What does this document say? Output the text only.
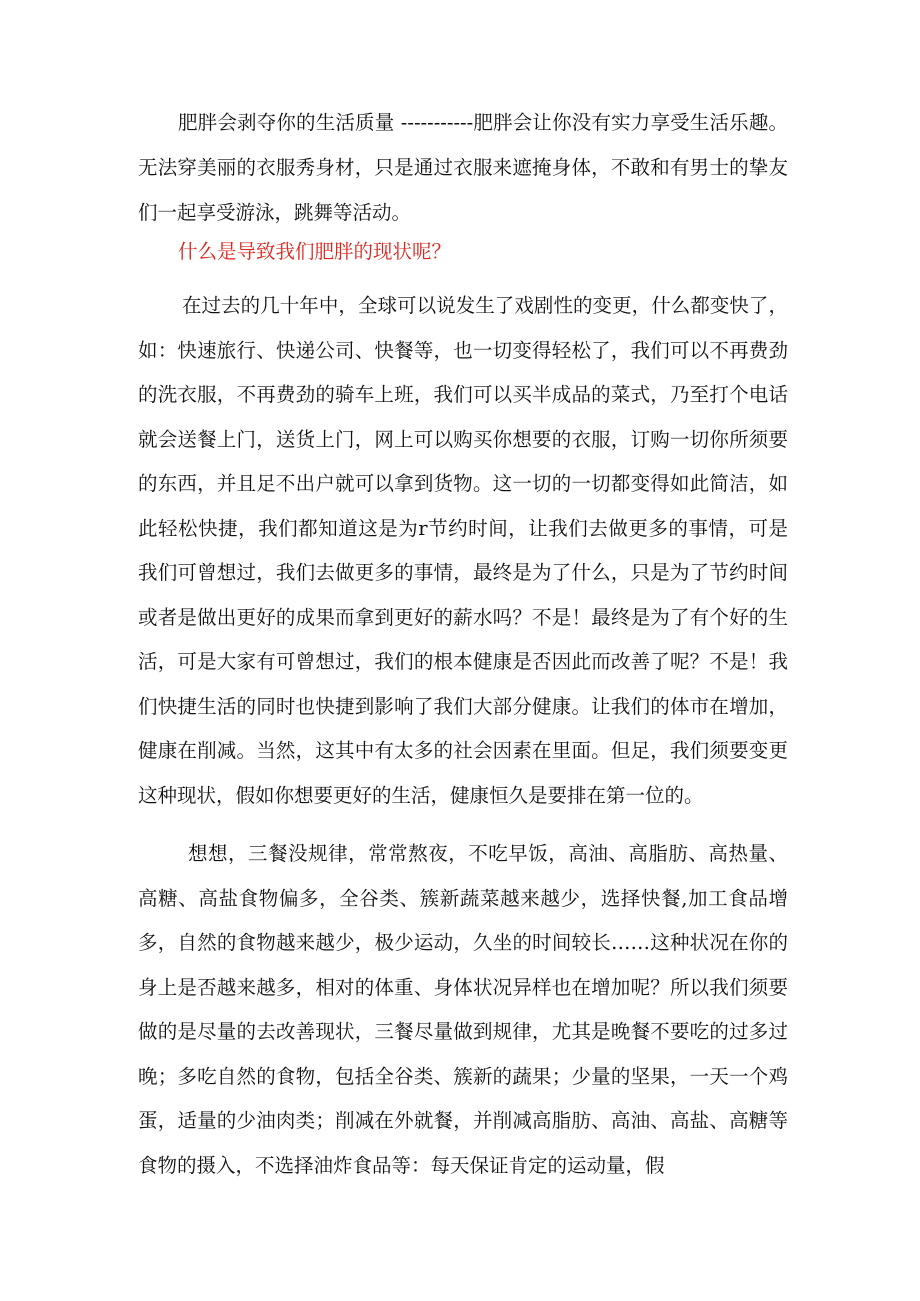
肥胖会剥夺你的生活质量 -----------肥胖会让你没有实力享受生活乐趣。无法穿美丽的衣服秀身材，只是通过衣服来遮掩身体，不敢和有男士的挚友们一起享受游泳，跳舞等活动。

什么是导致我们肥胖的现状呢？

在过去的几十年中，全球可以说发生了戏剧性的变更，什么都变快了，如：快速旅行、快递公司、快餐等，也一切变得轻松了，我们可以不再费劲的洗衣服，不再费劲的骑车上班，我们可以买半成品的菜式，乃至打个电话就会送餐上门，送货上门，网上可以购买你想要的衣服，订购一切你所须要的东西，并且足不出户就可以拿到货物。这一切的一切都变得如此简洁，如此轻松快捷，我们都知道这是为r节约时间，让我们去做更多的事情，可是我们可曾想过，我们去做更多的事情，最终是为了什么，只是为了节约时间或者是做出更好的成果而拿到更好的薪水吗？不是！最终是为了有个好的生活，可是大家有可曾想过，我们的根本健康是否因此而改善了呢？不是！我们快捷生活的同时也快捷到影响了我们大部分健康。让我们的体市在增加，健康在削减。当然，这其中有太多的社会因素在里面。但足，我们须要变更这种现状，假如你想要更好的生活，健康恒久是要排在第一位的。

想想，三餐没规律，常常熬夜，不吃早饭，高油、高脂肪、高热量、高糖、高盐食物偏多，全谷类、簇新蔬菜越来越少，选择快餐,加工食品增多，自然的食物越来越少，极少运动，久坐的时间较长……这种状况在你的身上是否越来越多，相对的体重、身体状况异样也在增加呢？所以我们须要做的是尽量的去改善现状，三餐尽量做到规律，尤其是晚餐不要吃的过多过晚；多吃自然的食物，包括全谷类、簇新的蔬果；少量的坚果，一天一个鸡蛋，适量的少油肉类；削减在外就餐，并削减高脂肪、高油、高盐、高糖等食物的摄入，不选择油炸食品等：每天保证肯定的运动量，假
